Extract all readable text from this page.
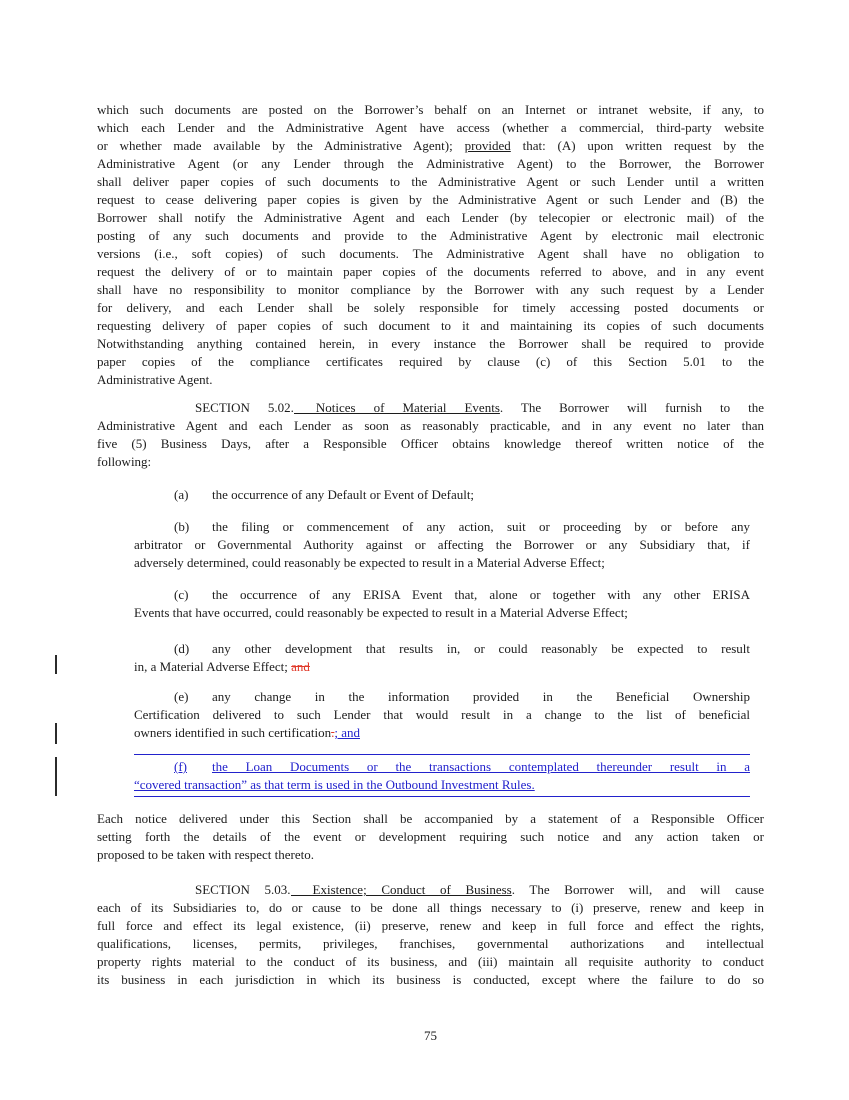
which such documents are posted on the Borrower’s behalf on an Internet or intranet website, if any, to
which each Lender and the Administrative Agent have access (whether a commercial, third-party website
or whether made available by the Administrative Agent); provided that: (A) upon written request by the
Administrative Agent (or any Lender through the Administrative Agent) to the Borrower, the Borrower
shall deliver paper copies of such documents to the Administrative Agent or such Lender until a written
request to cease delivering paper copies is given by the Administrative Agent or such Lender and (B) the
Borrower shall notify the Administrative Agent and each Lender (by telecopier or electronic mail) of the
posting of any such documents and provide to the Administrative Agent by electronic mail electronic
versions (i.e., soft copies) of such documents. The Administrative Agent shall have no obligation to
request the delivery of or to maintain paper copies of the documents referred to above, and in any event
shall have no responsibility to monitor compliance by the Borrower with any such request by a Lender
for delivery, and each Lender shall be solely responsible for timely accessing posted documents or
requesting delivery of paper copies of such document to it and maintaining its copies of such documents
Notwithstanding anything contained herein, in every instance the Borrower shall be required to provide
paper copies of the compliance certificates required by clause (c) of this Section 5.01 to the
Administrative Agent.
SECTION 5.02. Notices of Material Events. The Borrower will furnish to the
Administrative Agent and each Lender as soon as reasonably practicable, and in any event no later than
five (5) Business Days, after a Responsible Officer obtains knowledge thereof written notice of the
following:
(a) the occurrence of any Default or Event of Default;
(b) the filing or commencement of any action, suit or proceeding by or before any
arbitrator or Governmental Authority against or affecting the Borrower or any Subsidiary that, if
adversely determined, could reasonably be expected to result in a Material Adverse Effect;
(c) the occurrence of any ERISA Event that, alone or together with any other ERISA
Events that have occurred, could reasonably be expected to result in a Material Adverse Effect;
(d) any other development that results in, or could reasonably be expected to result
in, a Material Adverse Effect; and
(e) any change in the information provided in the Beneficial Ownership
Certification delivered to such Lender that would result in a change to the list of beneficial
owners identified in such certification.; and
(f) the Loan Documents or the transactions contemplated thereunder result in a
“covered transaction” as that term is used in the Outbound Investment Rules.
Each notice delivered under this Section shall be accompanied by a statement of a Responsible Officer
setting forth the details of the event or development requiring such notice and any action taken or
proposed to be taken with respect thereto.
SECTION 5.03. Existence; Conduct of Business. The Borrower will, and will cause
each of its Subsidiaries to, do or cause to be done all things necessary to (i) preserve, renew and keep in
full force and effect its legal existence, (ii) preserve, renew and keep in full force and effect the rights,
qualifications, licenses, permits, privileges, franchises, governmental authorizations and intellectual
property rights material to the conduct of its business, and (iii) maintain all requisite authority to conduct
its business in each jurisdiction in which its business is conducted, except where the failure to do so
75
